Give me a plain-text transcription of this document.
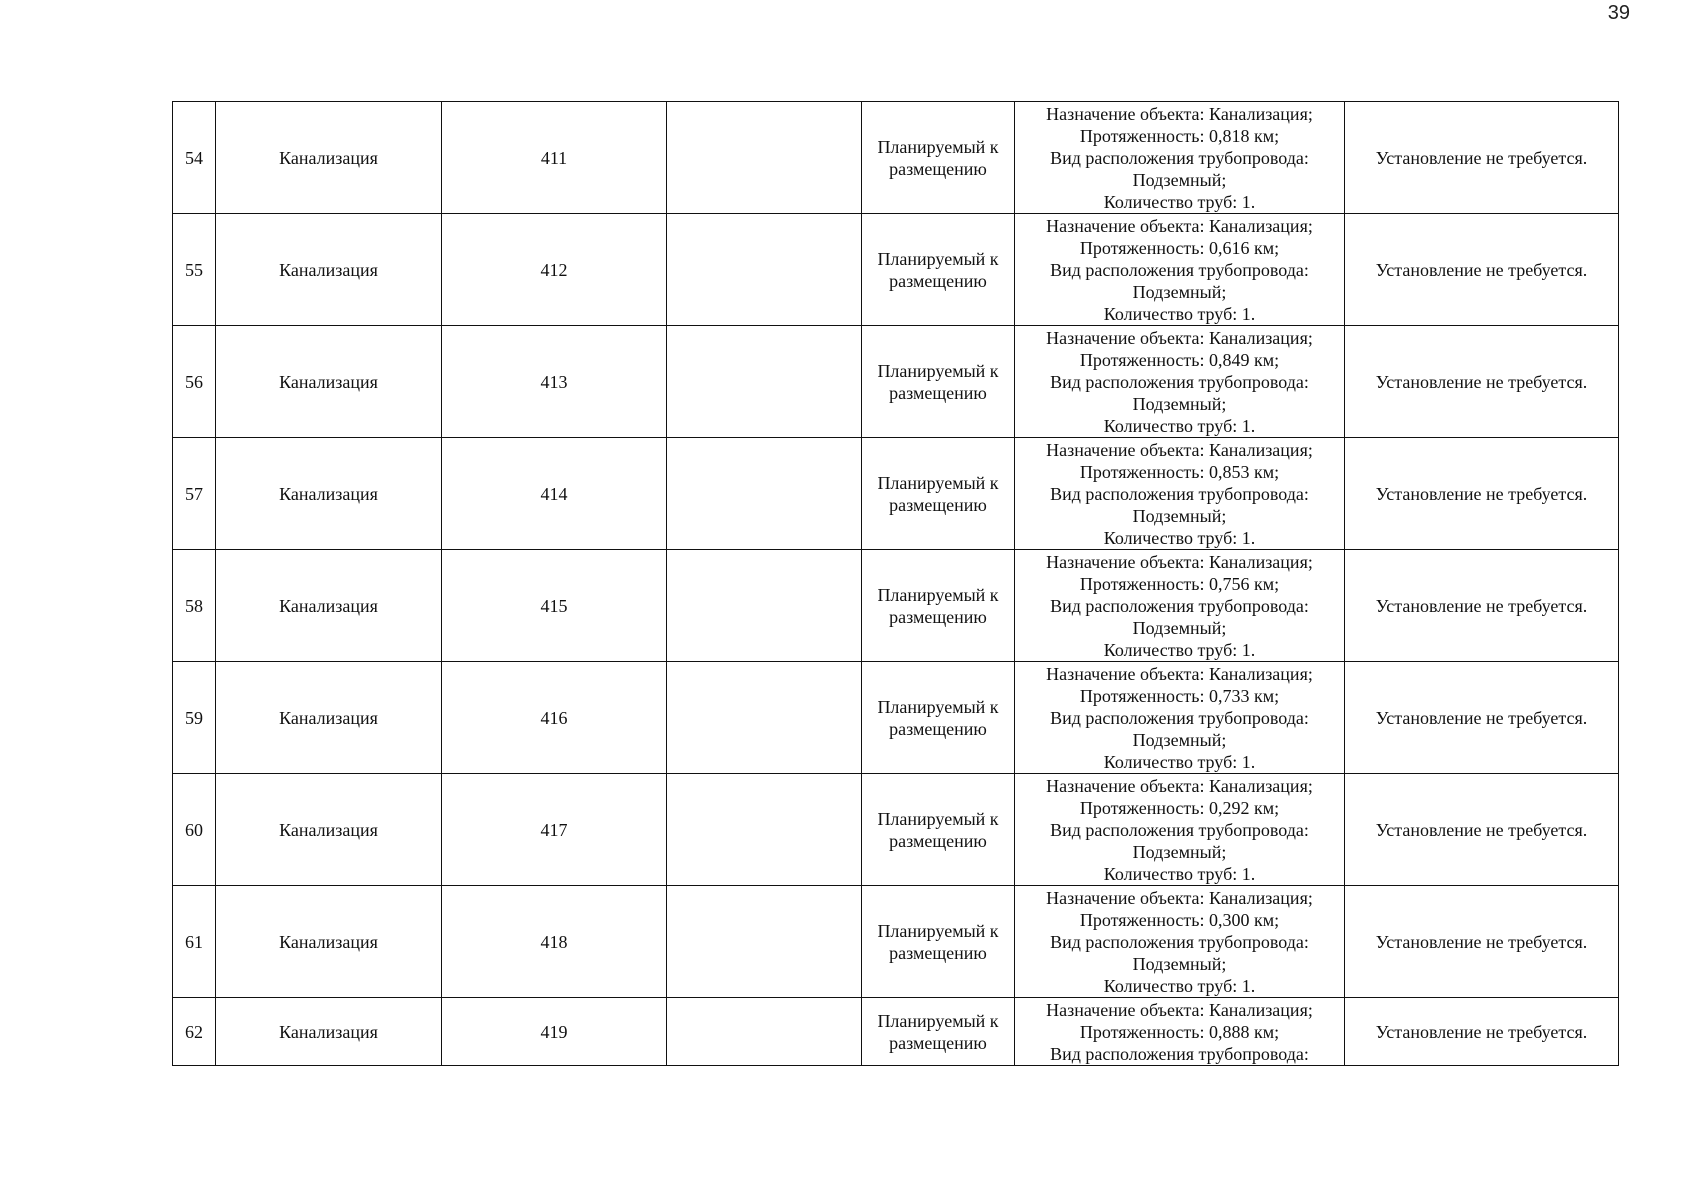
39
54	Канализация	411		Планируемый к размещению	Назначение объекта: Канализация;
Протяженность: 0,818 км;
Вид расположения трубопровода:
Подземный;
Количество труб: 1.	Установление не требуется.
55	Канализация	412		Планируемый к размещению	Назначение объекта: Канализация;
Протяженность: 0,616 км;
Вид расположения трубопровода:
Подземный;
Количество труб: 1.	Установление не требуется.
56	Канализация	413		Планируемый к размещению	Назначение объекта: Канализация;
Протяженность: 0,849 км;
Вид расположения трубопровода:
Подземный;
Количество труб: 1.	Установление не требуется.
57	Канализация	414		Планируемый к размещению	Назначение объекта: Канализация;
Протяженность: 0,853 км;
Вид расположения трубопровода:
Подземный;
Количество труб: 1.	Установление не требуется.
58	Канализация	415		Планируемый к размещению	Назначение объекта: Канализация;
Протяженность: 0,756 км;
Вид расположения трубопровода:
Подземный;
Количество труб: 1.	Установление не требуется.
59	Канализация	416		Планируемый к размещению	Назначение объекта: Канализация;
Протяженность: 0,733 км;
Вид расположения трубопровода:
Подземный;
Количество труб: 1.	Установление не требуется.
60	Канализация	417		Планируемый к размещению	Назначение объекта: Канализация;
Протяженность: 0,292 км;
Вид расположения трубопровода:
Подземный;
Количество труб: 1.	Установление не требуется.
61	Канализация	418		Планируемый к размещению	Назначение объекта: Канализация;
Протяженность: 0,300 км;
Вид расположения трубопровода:
Подземный;
Количество труб: 1.	Установление не требуется.
62	Канализация	419		Планируемый к размещению	Назначение объекта: Канализация;
Протяженность: 0,888 км;
Вид расположения трубопровода:	Установление не требуется.
